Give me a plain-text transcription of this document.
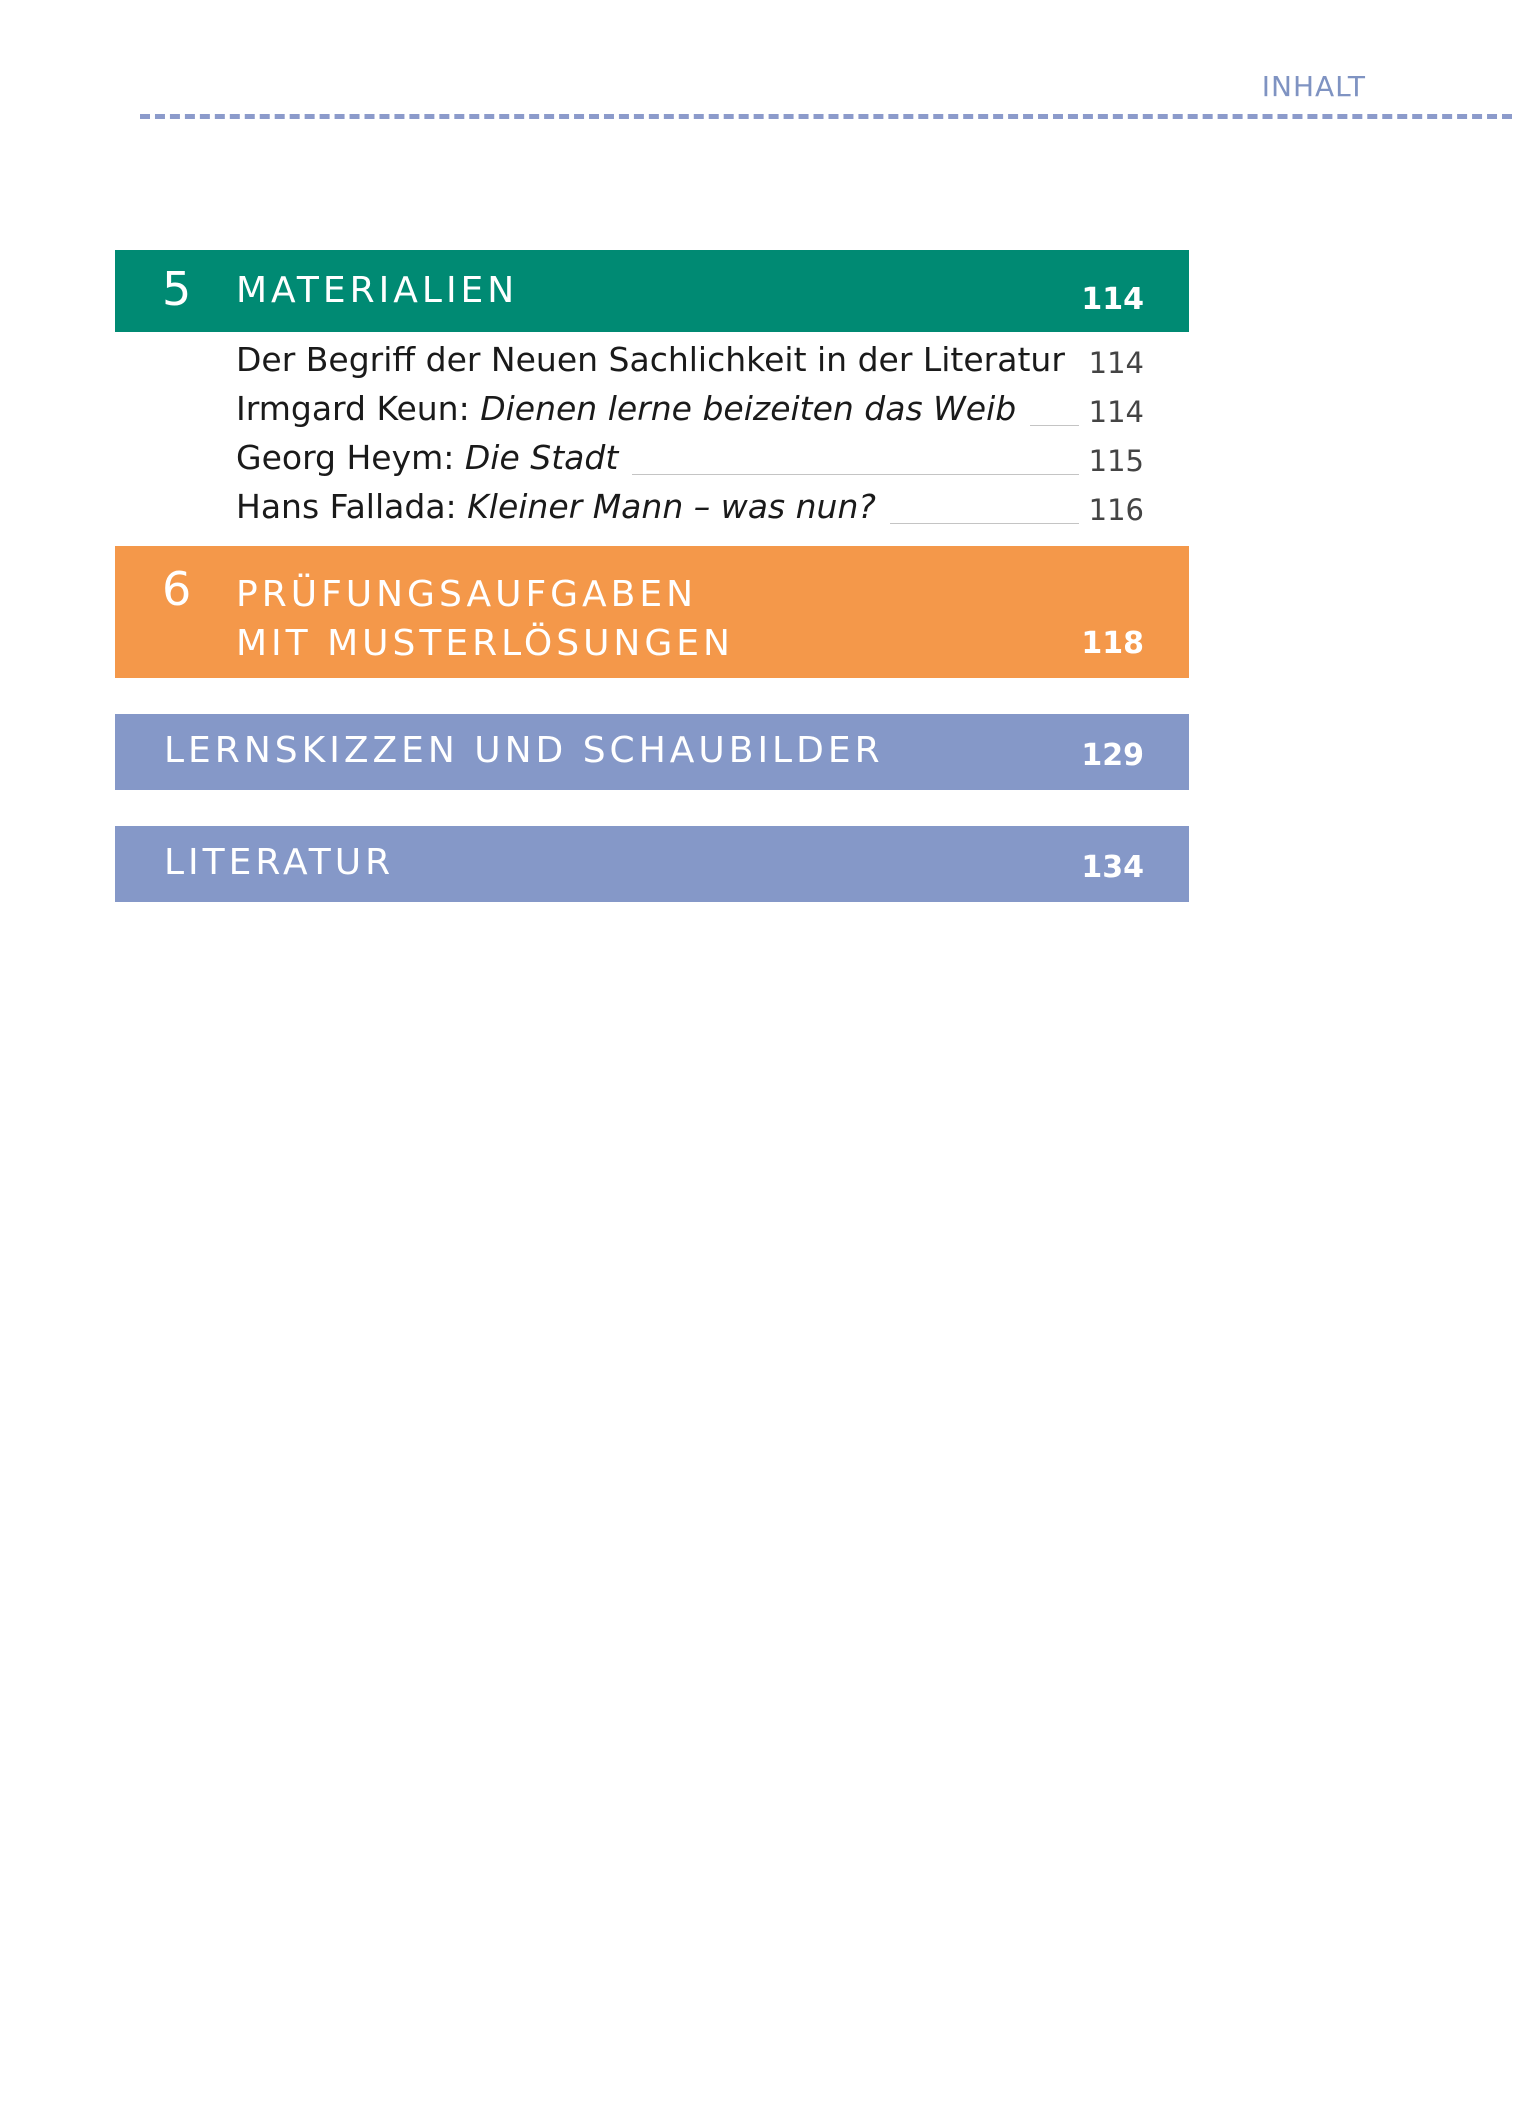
INHALT
5 MATERIALIEN	114
Der Begriff der Neuen Sachlichkeit in der Literatur 114
Irmgard Keun: Dienen lerne beizeiten das Weib	114
Georg Heym: Die Stadt	115
Hans Fallada: Kleiner Mann – was nun?	116
6 PRÜFUNGSAUFGABEN
MIT MUSTERLÖSUNGEN	118
LERNSKIZZEN UND SCHAUBILDER	129
LITERATUR	134
